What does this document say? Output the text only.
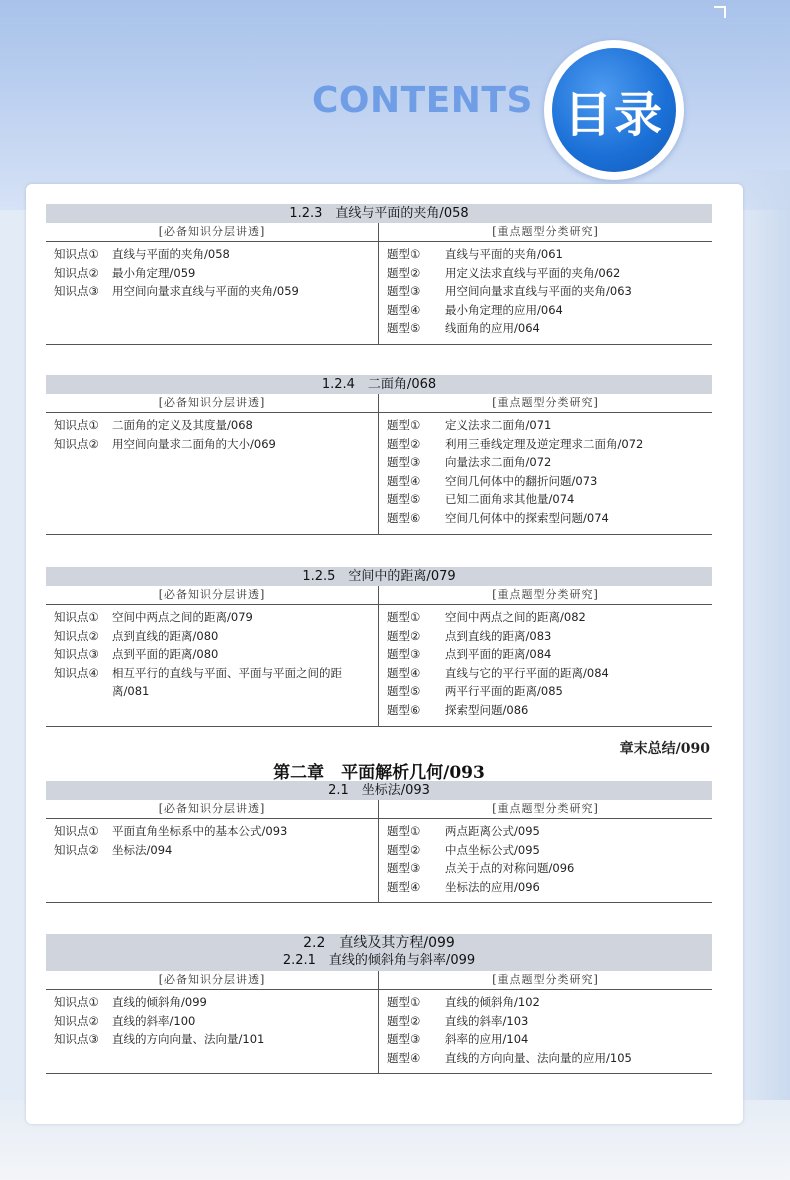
CONTENTS 目录
1.2.3　直线与平面的夹角/058
[必备知识分层讲透]
知识点①	直线与平面的夹角/058
知识点②	最小角定理/059
知识点③	用空间向量求直线与平面的夹角/059
[重点题型分类研究]
题型①	直线与平面的夹角/061
题型②	用定义法求直线与平面的夹角/062
题型③	用空间向量求直线与平面的夹角/063
题型④	最小角定理的应用/064
题型⑤	线面角的应用/064
1.2.4　二面角/068
[必备知识分层讲透]
知识点①	二面角的定义及其度量/068
知识点②	用空间向量求二面角的大小/069
[重点题型分类研究]
题型①	定义法求二面角/071
题型②	利用三垂线定理及逆定理求二面角/072
题型③	向量法求二面角/072
题型④	空间几何体中的翻折问题/073
题型⑤	已知二面角求其他量/074
题型⑥	空间几何体中的探索型问题/074
1.2.5　空间中的距离/079
[必备知识分层讲透]
知识点①	空间中两点之间的距离/079
知识点②	点到直线的距离/080
知识点③	点到平面的距离/080
知识点④	相互平行的直线与平面、平面与平面之间的距离/081
[重点题型分类研究]
题型①	空间中两点之间的距离/082
题型②	点到直线的距离/083
题型③	点到平面的距离/084
题型④	直线与它的平行平面的距离/084
题型⑤	两平行平面的距离/085
题型⑥	探索型问题/086
2.1　坐标法/093
[必备知识分层讲透]
知识点①	平面直角坐标系中的基本公式/093
知识点②	坐标法/094
[重点题型分类研究]
题型①	两点距离公式/095
题型②	中点坐标公式/095
题型③	点关于点的对称问题/096
题型④	坐标法的应用/096
2.2　直线及其方程/099
2.2.1　直线的倾斜角与斜率/099
[必备知识分层讲透]
知识点①	直线的倾斜角/099
知识点②	直线的斜率/100
知识点③	直线的方向向量、法向量/101
[重点题型分类研究]
题型①	直线的倾斜角/102
题型②	直线的斜率/103
题型③	斜率的应用/104
题型④	直线的方向向量、法向量的应用/105
章末总结/090
第二章　平面解析几何/093
